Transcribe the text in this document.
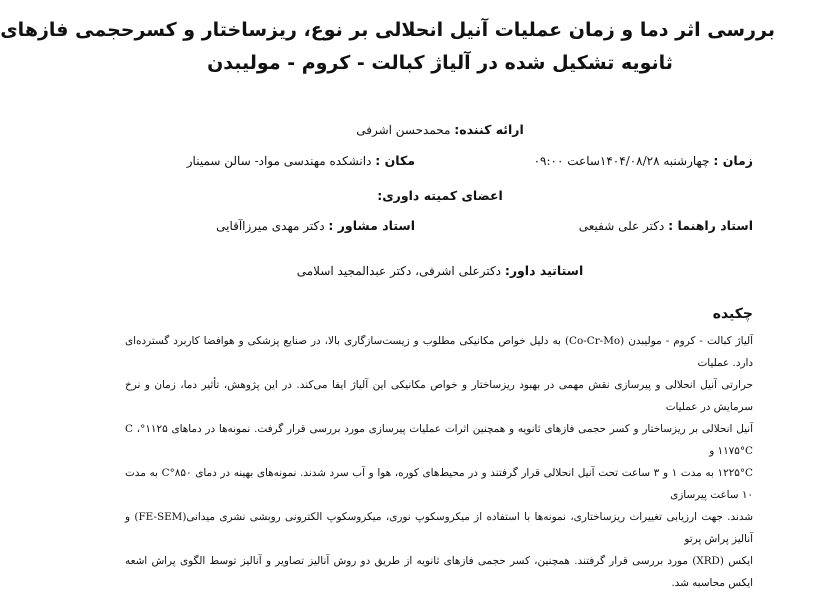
بررسی اثر دما و زمان عملیات آنیل انحلالی بر نوع، ریزساختار و کسرحجمی فازهای
ثانویه تشکیل شده در آلیاژ کبالت - کروم - مولیبدن
ارائه کننده: محمدحسن اشرفی
زمان : چهارشنبه ۱۴۰۴/۰۸/۲۸ساعت ۰۹:۰۰
مکان : دانشکده مهندسی مواد- سالن سمینار
اعضای کمیته داوری:
استاد راهنما : دکتر علی شفیعی
استاد مشاور : دکتر مهدی میرزاآقایی
استاتید داور: دکترعلی اشرفی، دکتر عبدالمجید اسلامی
چکیده
آلیاژ کبالت - کروم - مولیبدن (Co-Cr-Mo) به دلیل خواص مکانیکی مطلوب و زیست‌سازگاری بالا، در صنایع پزشکی و هوافضا کاربرد گسترده‌ای دارد. عملیات
حرارتی آنیل انحلالی و پیرسازی نقش مهمی در بهبود ریزساختار و خواص مکانیکی این آلیاژ ایفا می‌کند. در این پژوهش، تأثیر دما، زمان و نرخ سرمایش در عملیات
آنیل انحلالی بر ریزساختار و کسر حجمی فازهای ثانویه و همچنین اثرات عملیات پیرسازی مورد بررسی قرار گرفت. نمونه‌ها در دماهای ۱۱۲۵°C ، ۱۱۷۵°C و
۱۲۲۵°C به مدت ۱ و ۳ ساعت تحت آنیل انحلالی قرار گرفتند و در محیط‌های کوره، هوا و آب سرد شدند. نمونه‌های بهینه در دمای ۸۵۰°C به مدت ۱۰ ساعت پیرسازی
شدند. جهت ارزیابی تغییرات ریزساختاری، نمونه‌ها با استفاده از میکروسکوپ نوری، میکروسکوپ الکترونی روبشی نشری میدانی(FE-SEM) و آنالیز پراش پرتو
ایکس (XRD) مورد بررسی قرار گرفتند. همچنین، کسر حجمی فازهای ثانویه از طریق دو روش آنالیز تصاویر و آنالیز توسط الگوی پراش اشعه ایکس محاسبه شد.
